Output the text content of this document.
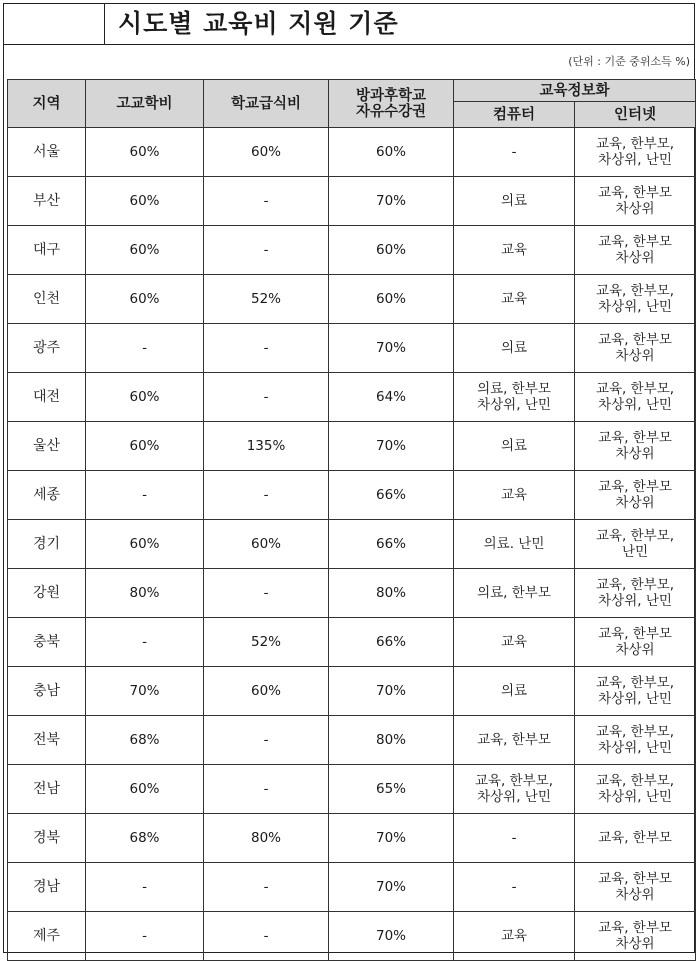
시도별 교육비 지원 기준
(단위 : 기준 중위소득 %)
지역	고교학비	학교급식비	방과후학교
자유수강권	교육정보화	
				컴퓨터	인터넷
서울	60%	60%	60%	-	교육, 한부모,
차상위, 난민
부산	60%	-	70%	의료	교육, 한부모
차상위
대구	60%	-	60%	교육	교육, 한부모
차상위
인천	60%	52%	60%	교육	교육, 한부모,
차상위, 난민
광주	-	-	70%	의료	교육, 한부모
차상위
대전	60%	-	64%	의료, 한부모
차상위, 난민	교육, 한부모,
차상위, 난민
울산	60%	135%	70%	의료	교육, 한부모
차상위
세종	-	-	66%	교육	교육, 한부모
차상위
경기	60%	60%	66%	의료. 난민	교육, 한부모,
난민
강원	80%	-	80%	의료, 한부모	교육, 한부모,
차상위, 난민
충북	-	52%	66%	교육	교육, 한부모
차상위
충남	70%	60%	70%	의료	교육, 한부모,
차상위, 난민
전북	68%	-	80%	교육, 한부모	교육, 한부모,
차상위, 난민
전남	60%	-	65%	교육, 한부모,
차상위, 난민	교육, 한부모,
차상위, 난민
경북	68%	80%	70%	-	교육, 한부모
경남	-	-	70%	-	교육, 한부모
차상위
제주	-	-	70%	교육	교육, 한부모
차상위
